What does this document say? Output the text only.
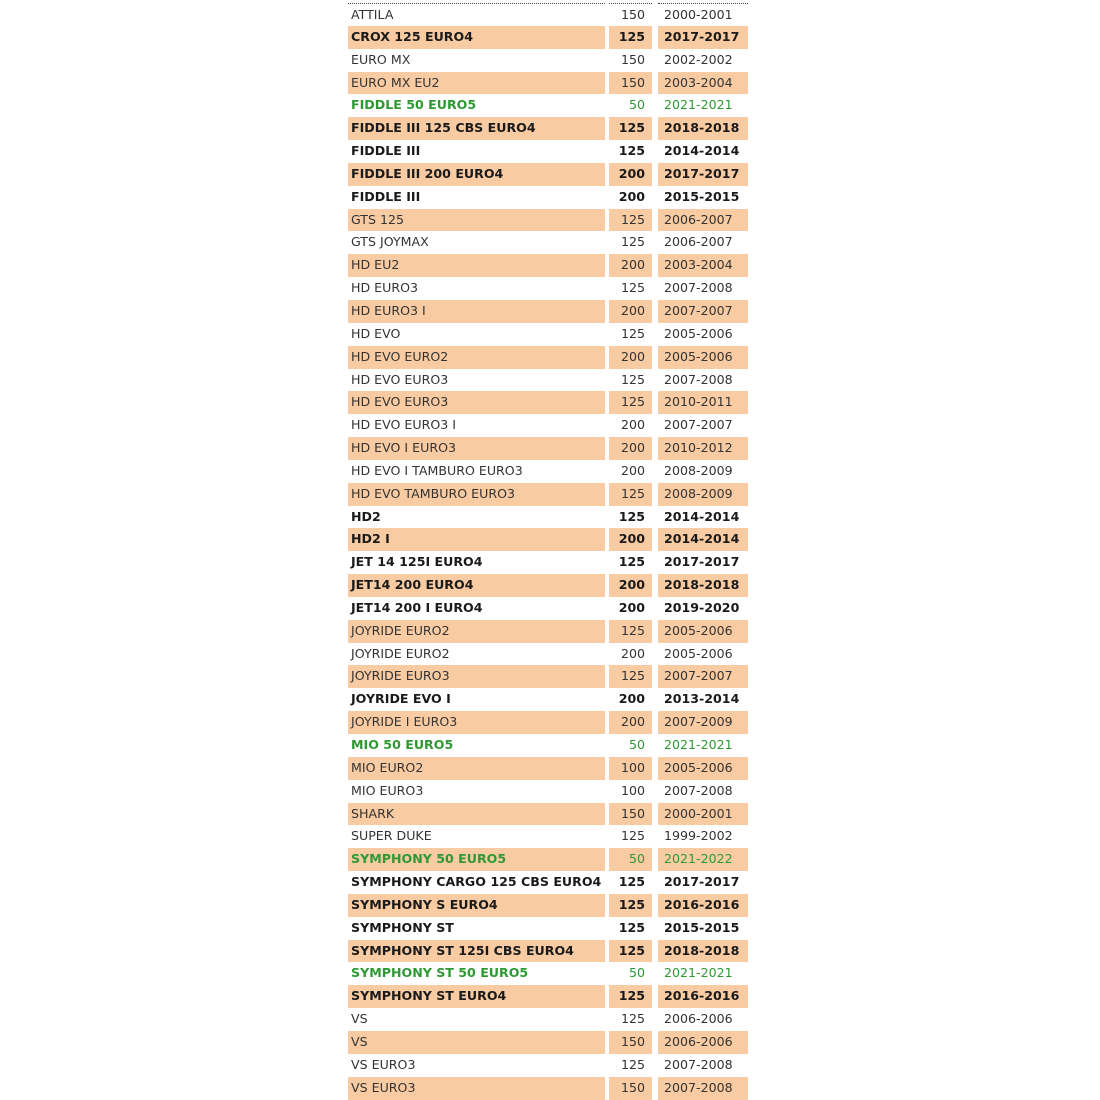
ATTILA	150	2000-2001
CROX 125 EURO4	125	2017-2017
EURO MX	150	2002-2002
EURO MX EU2	150	2003-2004
FIDDLE 50 EURO5	50	2021-2021
FIDDLE III 125 CBS EURO4	125	2018-2018
FIDDLE III	125	2014-2014
FIDDLE III 200 EURO4	200	2017-2017
FIDDLE III	200	2015-2015
GTS 125	125	2006-2007
GTS JOYMAX	125	2006-2007
HD EU2	200	2003-2004
HD EURO3	125	2007-2008
HD EURO3 I	200	2007-2007
HD EVO	125	2005-2006
HD EVO EURO2	200	2005-2006
HD EVO EURO3	125	2007-2008
HD EVO EURO3	125	2010-2011
HD EVO EURO3 I	200	2007-2007
HD EVO I EURO3	200	2010-2012
HD EVO I TAMBURO EURO3	200	2008-2009
HD EVO TAMBURO EURO3	125	2008-2009
HD2	125	2014-2014
HD2 I	200	2014-2014
JET 14 125I EURO4	125	2017-2017
JET14 200 EURO4	200	2018-2018
JET14 200 I EURO4	200	2019-2020
JOYRIDE EURO2	125	2005-2006
JOYRIDE EURO2	200	2005-2006
JOYRIDE EURO3	125	2007-2007
JOYRIDE EVO I	200	2013-2014
JOYRIDE I EURO3	200	2007-2009
MIO 50 EURO5	50	2021-2021
MIO EURO2	100	2005-2006
MIO EURO3	100	2007-2008
SHARK	150	2000-2001
SUPER DUKE	125	1999-2002
SYMPHONY 50 EURO5	50	2021-2022
SYMPHONY CARGO 125 CBS EURO4	125	2017-2017
SYMPHONY S EURO4	125	2016-2016
SYMPHONY ST	125	2015-2015
SYMPHONY ST 125I CBS EURO4	125	2018-2018
SYMPHONY ST 50 EURO5	50	2021-2021
SYMPHONY ST EURO4	125	2016-2016
VS	125	2006-2006
VS	150	2006-2006
VS EURO3	125	2007-2008
VS EURO3	150	2007-2008
